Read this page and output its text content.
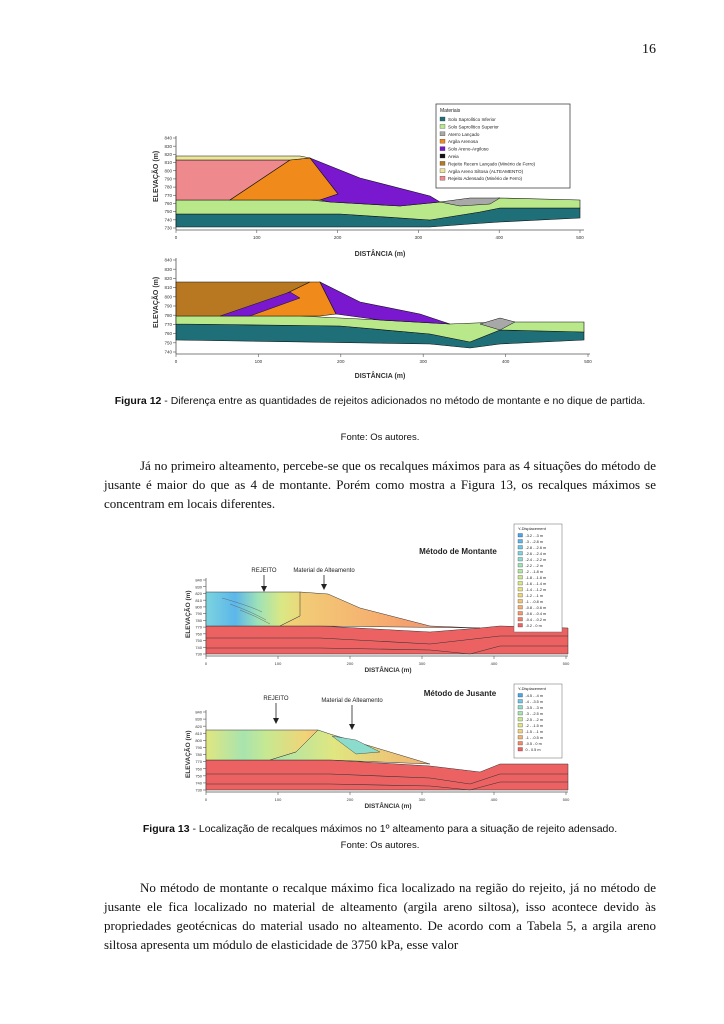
16
ELEVAÇÃO (m)
840
830
820
810
800
790
780
770
760
750
740
730
0	100	200	300	400	500
DISTÂNCIA (m)
Materiais
Solo Saprolítico Inferior
Solo Saprolítico Superior
Aterro Lançado
Argila Arenosa
Solo Areno-Argiloso
Areia
Rejeito Recem Lançado (Minério de Ferro)
Argila Areno Siltosa (ALTEAMENTO)
Rejeito Adensado (Minério de Ferro)
ELEVAÇÃO (m)
840
830
820
810
800
790
780
770
760
750
740
0	100	200	300	400	500
DISTÂNCIA (m)
Figura 12 - Diferença entre as quantidades de rejeitos adicionados no método de montante e no dique de partida.
Fonte: Os autores.
Já no primeiro alteamento, percebe-se que os recalques máximos para as 4 situações do método de jusante é maior do que as 4 de montante. Porém como mostra a Figura 13, os recalques máximos se concentram em locais diferentes.
Método de Montante
ELEVAÇÃO (m)
840
830
820
810
800
790
780
770
760
750
740
730
REJEITO	Material de Alteamento
0	100	200	300	400	500
DISTÂNCIA (m)
Y-Displacement
-3.2 - -3 m
-3 - -2.8 m
-2.8 - -2.6 m
-2.6 - -2.4 m
-2.4 - -2.2 m
-2.2 - -2 m
-2 - -1.8 m
-1.8 - -1.6 m
-1.6 - -1.4 m
-1.4 - -1.2 m
-1.2 - -1 m
-1 - -0.8 m
-0.8 - -0.6 m
-0.6 - -0.4 m
-0.4 - -0.2 m
-0.2 - 0 m
Método de Jusante
ELEVAÇÃO (m)
840
830
820
810
800
790
780
770
760
750
740
730
REJEITO	Material de Alteamento
0	100	200	300	400	500
DISTÂNCIA (m)
Y-Displacement
-4.5 - -4 m
-4 - -3.5 m
-3.5 - -3 m
-3 - -2.5 m
-2.5 - -2 m
-2 - -1.5 m
-1.5 - -1 m
-1 - -0.5 m
-0.5 - 0 m
0 - 0.5 m
Figura 13 - Localização de recalques máximos no 1º alteamento para a situação de rejeito adensado.
Fonte: Os autores.
No método de montante o recalque máximo fica localizado na região do rejeito, já no método de jusante ele fica localizado no material de alteamento (argila areno siltosa), isso acontece devido às propriedades geotécnicas do material usado no alteamento. De acordo com a Tabela 5, a argila areno siltosa apresenta um módulo de elasticidade de 3750 kPa, esse valor
